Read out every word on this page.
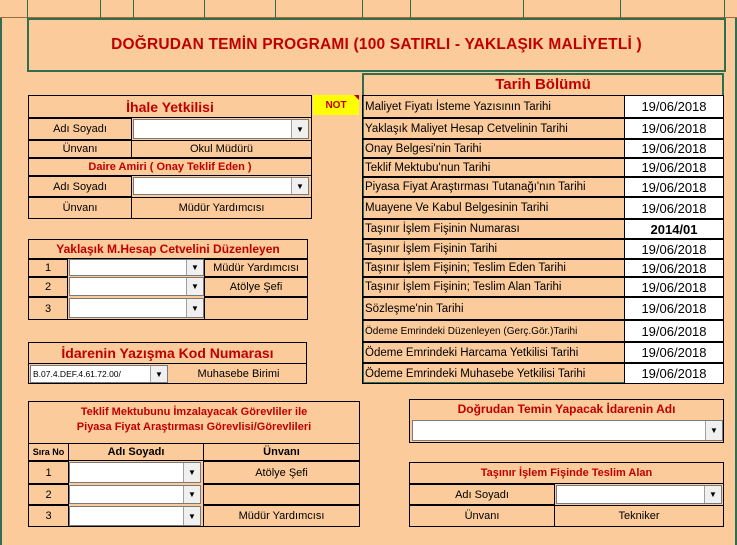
DOĞRUDAN TEMİN PROGRAMI (100 SATIRLI - YAKLAŞIK MALİYETLİ )
İhale Yetkilisi
Adı Soyadı	▼
Ünvanı	Okul Müdürü
Daire Amiri ( Onay Teklif Eden )
Adı Soyadı	▼
Ünvanı	Müdür Yardımcısı
NOT
Yaklaşık M.Hesap Cetvelini Düzenleyen
1	▼	Müdür Yardımcısı
2	▼	Atölye Şefi
3	▼
İdarenin Yazışma Kod Numarası
B.07.4.DEF.4.61.72.00/	▼	Muhasebe Birimi
Teklif Mektubunu İmzalayacak Görevliler ile
Piyasa Fiyat Araştırması Görevlisi/Görevlileri
Sıra No	Adı Soyadı	Ünvanı
1	▼	Atölye Şefi
2	▼
3	▼	Müdür Yardımcısı
Tarih Bölümü
Maliyet Fiyatı İsteme Yazısının Tarihi	19/06/2018
Yaklaşık Maliyet Hesap Cetvelinin Tarihi	19/06/2018
Onay Belgesi'nin Tarihi	19/06/2018
Teklif Mektubu'nun Tarihi	19/06/2018
Piyasa Fiyat Araştırması Tutanağı'nın Tarihi	19/06/2018
Muayene Ve Kabul Belgesinin Tarihi	19/06/2018
Taşınır İşlem Fişinin Numarası	2014/01
Taşınır İşlem Fişinin Tarihi	19/06/2018
Taşınır İşlem Fişinin; Teslim Eden Tarihi	19/06/2018
Taşınır İşlem Fişinin; Teslim Alan Tarihi	19/06/2018
Sözleşme'nin Tarihi	19/06/2018
Ödeme Emrindeki Düzenleyen (Gerç.Gör.)Tarihi	19/06/2018
Ödeme Emrindeki Harcama Yetkilisi Tarihi	19/06/2018
Ödeme Emrindeki Muhasebe Yetkilisi Tarihi	19/06/2018
Doğrudan Temin Yapacak İdarenin Adı
▼
Taşınır İşlem Fişinde Teslim Alan
Adı Soyadı	▼
Ünvanı	Tekniker
